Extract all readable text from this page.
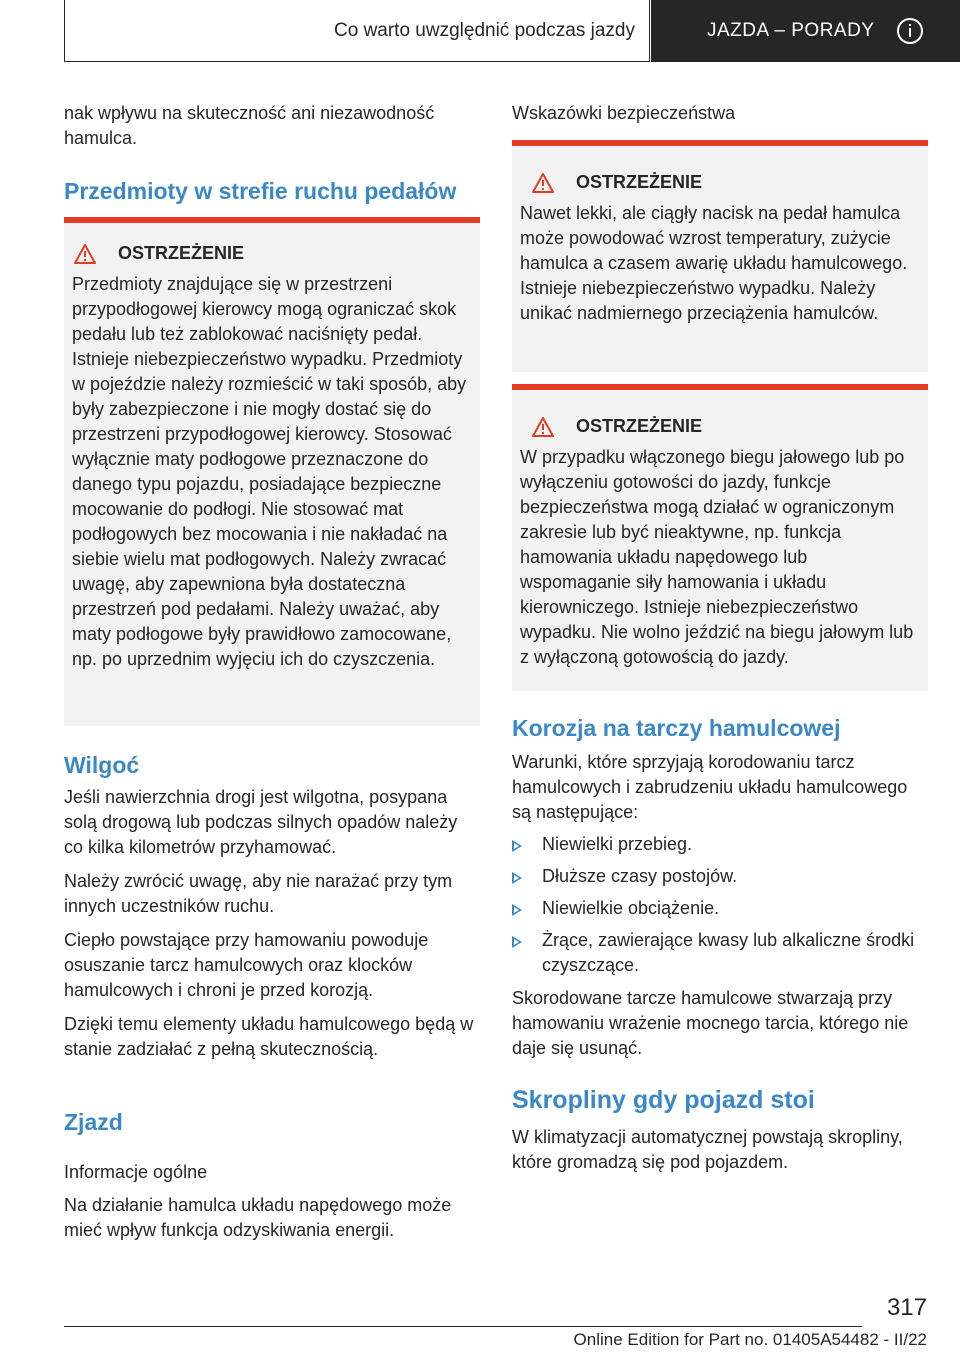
Co warto uwzględnić podczas jazdy	JAZDA – PORADY

nak wpływu na skuteczność ani niezawodność hamulca.

Przedmioty w strefie ruchu pedałów
OSTRZEŻENIE

Przedmioty znajdujące się w przestrzeni przypodłogowej kierowcy mogą ograniczać skok pedału lub też zablokować naciśnięty pedał. Istnieje niebezpieczeństwo wypadku. Przedmioty w pojeździe należy rozmieścić w taki sposób, aby były zabezpieczone i nie mogły dostać się do przestrzeni przypodłogowej kierowcy. Stosować wyłącznie maty podłogowe przeznaczone do danego typu pojazdu, posiadające bezpieczne mocowanie do podłogi. Nie stosować mat podłogowych bez mocowania i nie nakładać na siebie wielu mat podłogowych. Należy zwracać uwagę, aby zapewniona była dostateczna przestrzeń pod pedałami. Należy uważać, aby maty podłogowe były prawidłowo zamocowane, np. po uprzednim wyjęciu ich do czyszczenia.

Wilgoć

Jeśli nawierzchnia drogi jest wilgotna, posypana solą drogową lub podczas silnych opadów należy co kilka kilometrów przyhamować.

Należy zwrócić uwagę, aby nie narażać przy tym innych uczestników ruchu.

Ciepło powstające przy hamowaniu powoduje osuszanie tarcz hamulcowych oraz klocków hamulcowych i chroni je przed korozją.

Dzięki temu elementy układu hamulcowego będą w stanie zadziałać z pełną skutecznością.

Zjazd
Informacje ogólne

Na działanie hamulca układu napędowego może mieć wpływ funkcja odzyskiwania energii.

Wskazówki bezpieczeństwa
OSTRZEŻENIE

Nawet lekki, ale ciągły nacisk na pedał hamulca może powodować wzrost temperatury, zużycie hamulca a czasem awarię układu hamulcowego. Istnieje niebezpieczeństwo wypadku. Należy unikać nadmiernego przeciążenia hamulców.

OSTRZEŻENIE

W przypadku włączonego biegu jałowego lub po wyłączeniu gotowości do jazdy, funkcje bezpieczeństwa mogą działać w ograniczonym zakresie lub być nieaktywne, np. funkcja hamowania układu napędowego lub wspomaganie siły hamowania i układu kierowniczego. Istnieje niebezpieczeństwo wypadku. Nie wolno jeździć na biegu jałowym lub z wyłączoną gotowością do jazdy.

Korozja na tarczy hamulcowej

Warunki, które sprzyjają korodowaniu tarcz hamulcowych i zabrudzeniu układu hamulcowego są następujące:

Niewielki przebieg.
Dłuższe czasy postojów.
Niewielkie obciążenie.
Żrące, zawierające kwasy lub alkaliczne środki czyszczące.

Skorodowane tarcze hamulcowe stwarzają przy hamowaniu wrażenie mocnego tarcia, którego nie daje się usunąć.

Skropliny gdy pojazd stoi

W klimatyzacji automatycznej powstają skropliny, które gromadzą się pod pojazdem.

317
Online Edition for Part no. 01405A54482 - II/22
